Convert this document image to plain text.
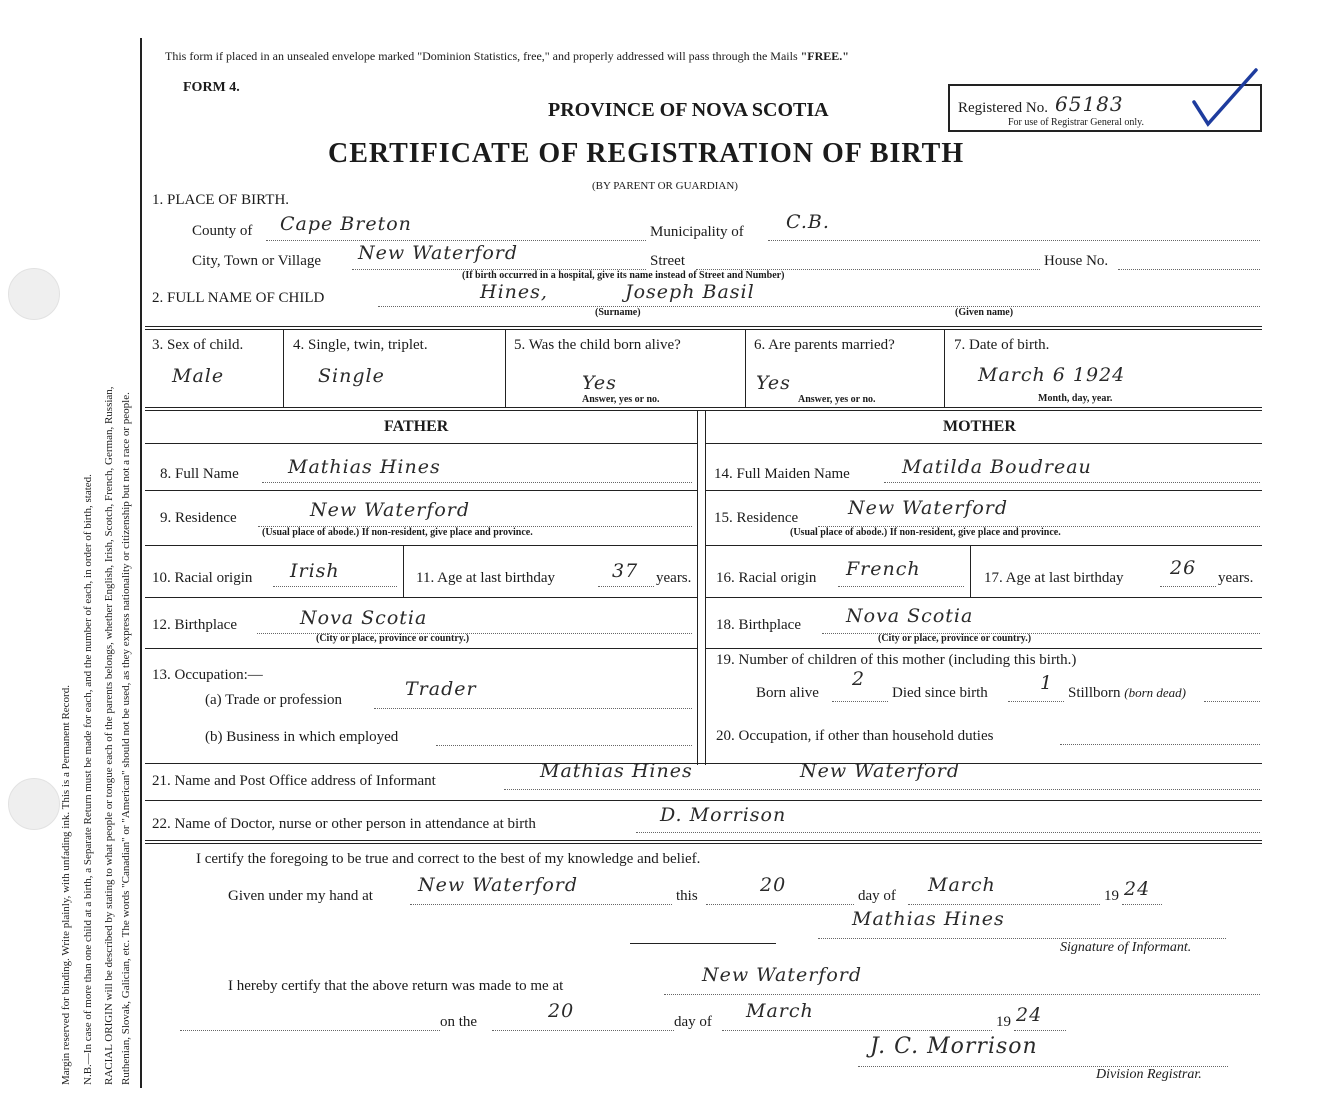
Margin reserved for binding. Write plainly, with unfading ink. This is a Permanent Record. N.B.—In case of more than one child at a birth, a Separate Return must be made for each, and the number of each, in order of birth, stated. RACIAL ORIGIN will be described by stating to what people or tongue each of the parents belongs, whether English, Irish, Scotch, French, German, Russian, Ruthenian, Slovak, Galician, etc. The words "Canadian" or "American" should not be used, as they express nationality or citizenship but not a race or people.
This form if placed in an unsealed envelope marked "Dominion Statistics, free," and properly addressed will pass through the Mails "FREE."
FORM 4.
PROVINCE OF NOVA SCOTIA
CERTIFICATE OF REGISTRATION OF BIRTH
(BY PARENT OR GUARDIAN)
Registered No. 65183
For use of Registrar General only.
1. PLACE OF BIRTH.
County of Cape Breton	Municipality of C.B.
City, Town or Village New Waterford	Street	House No.
(If birth occurred in a hospital, give its name instead of Street and Number)
2. FULL NAME OF CHILD	Hines,	Joseph Basil
(Surname)	(Given name)
3. Sex of child.
Male
4. Single, twin, triplet.
Single
5. Was the child born alive?
Yes
Answer, yes or no.
6. Are parents married?
Yes
Answer, yes or no.
7. Date of birth.
March 6 1924
Month, day, year.
FATHER	MOTHER
8. Full Name	Mathias Hines
9. Residence	New Waterford
(Usual place of abode.) If non-resident, give place and province.
10. Racial origin Irish	11. Age at last birthday	37 years.
12. Birthplace	Nova Scotia
(City or place, province or country.)
13. Occupation:—
(a) Trade or profession	Trader
(b) Business in which employed
14. Full Maiden Name	Matilda Boudreau
15. Residence	New Waterford
(Usual place of abode.) If non-resident, give place and province.
16. Racial origin French	17. Age at last birthday 26 years.
18. Birthplace Nova Scotia
(City or place, province or country.)
19. Number of children of this mother (including this birth.)
Born alive
2
Died since birth	1 Stillborn (born dead)
20. Occupation, if other than household duties
21. Name and Post Office address of Informant	Mathias Hines	New Waterford
22. Name of Doctor, nurse or other person in attendance at birth	D. Morrison
I certify the foregoing to be true and correct to the best of my knowledge and belief.
Given under my hand at New Waterford	this	20	day of March	19 24
Mathias Hines
Signature of Informant.
I hereby certify that the above return was made to me at	New Waterford
on the	20	day of March	19 24
J. C. Morrison
Division Registrar.
